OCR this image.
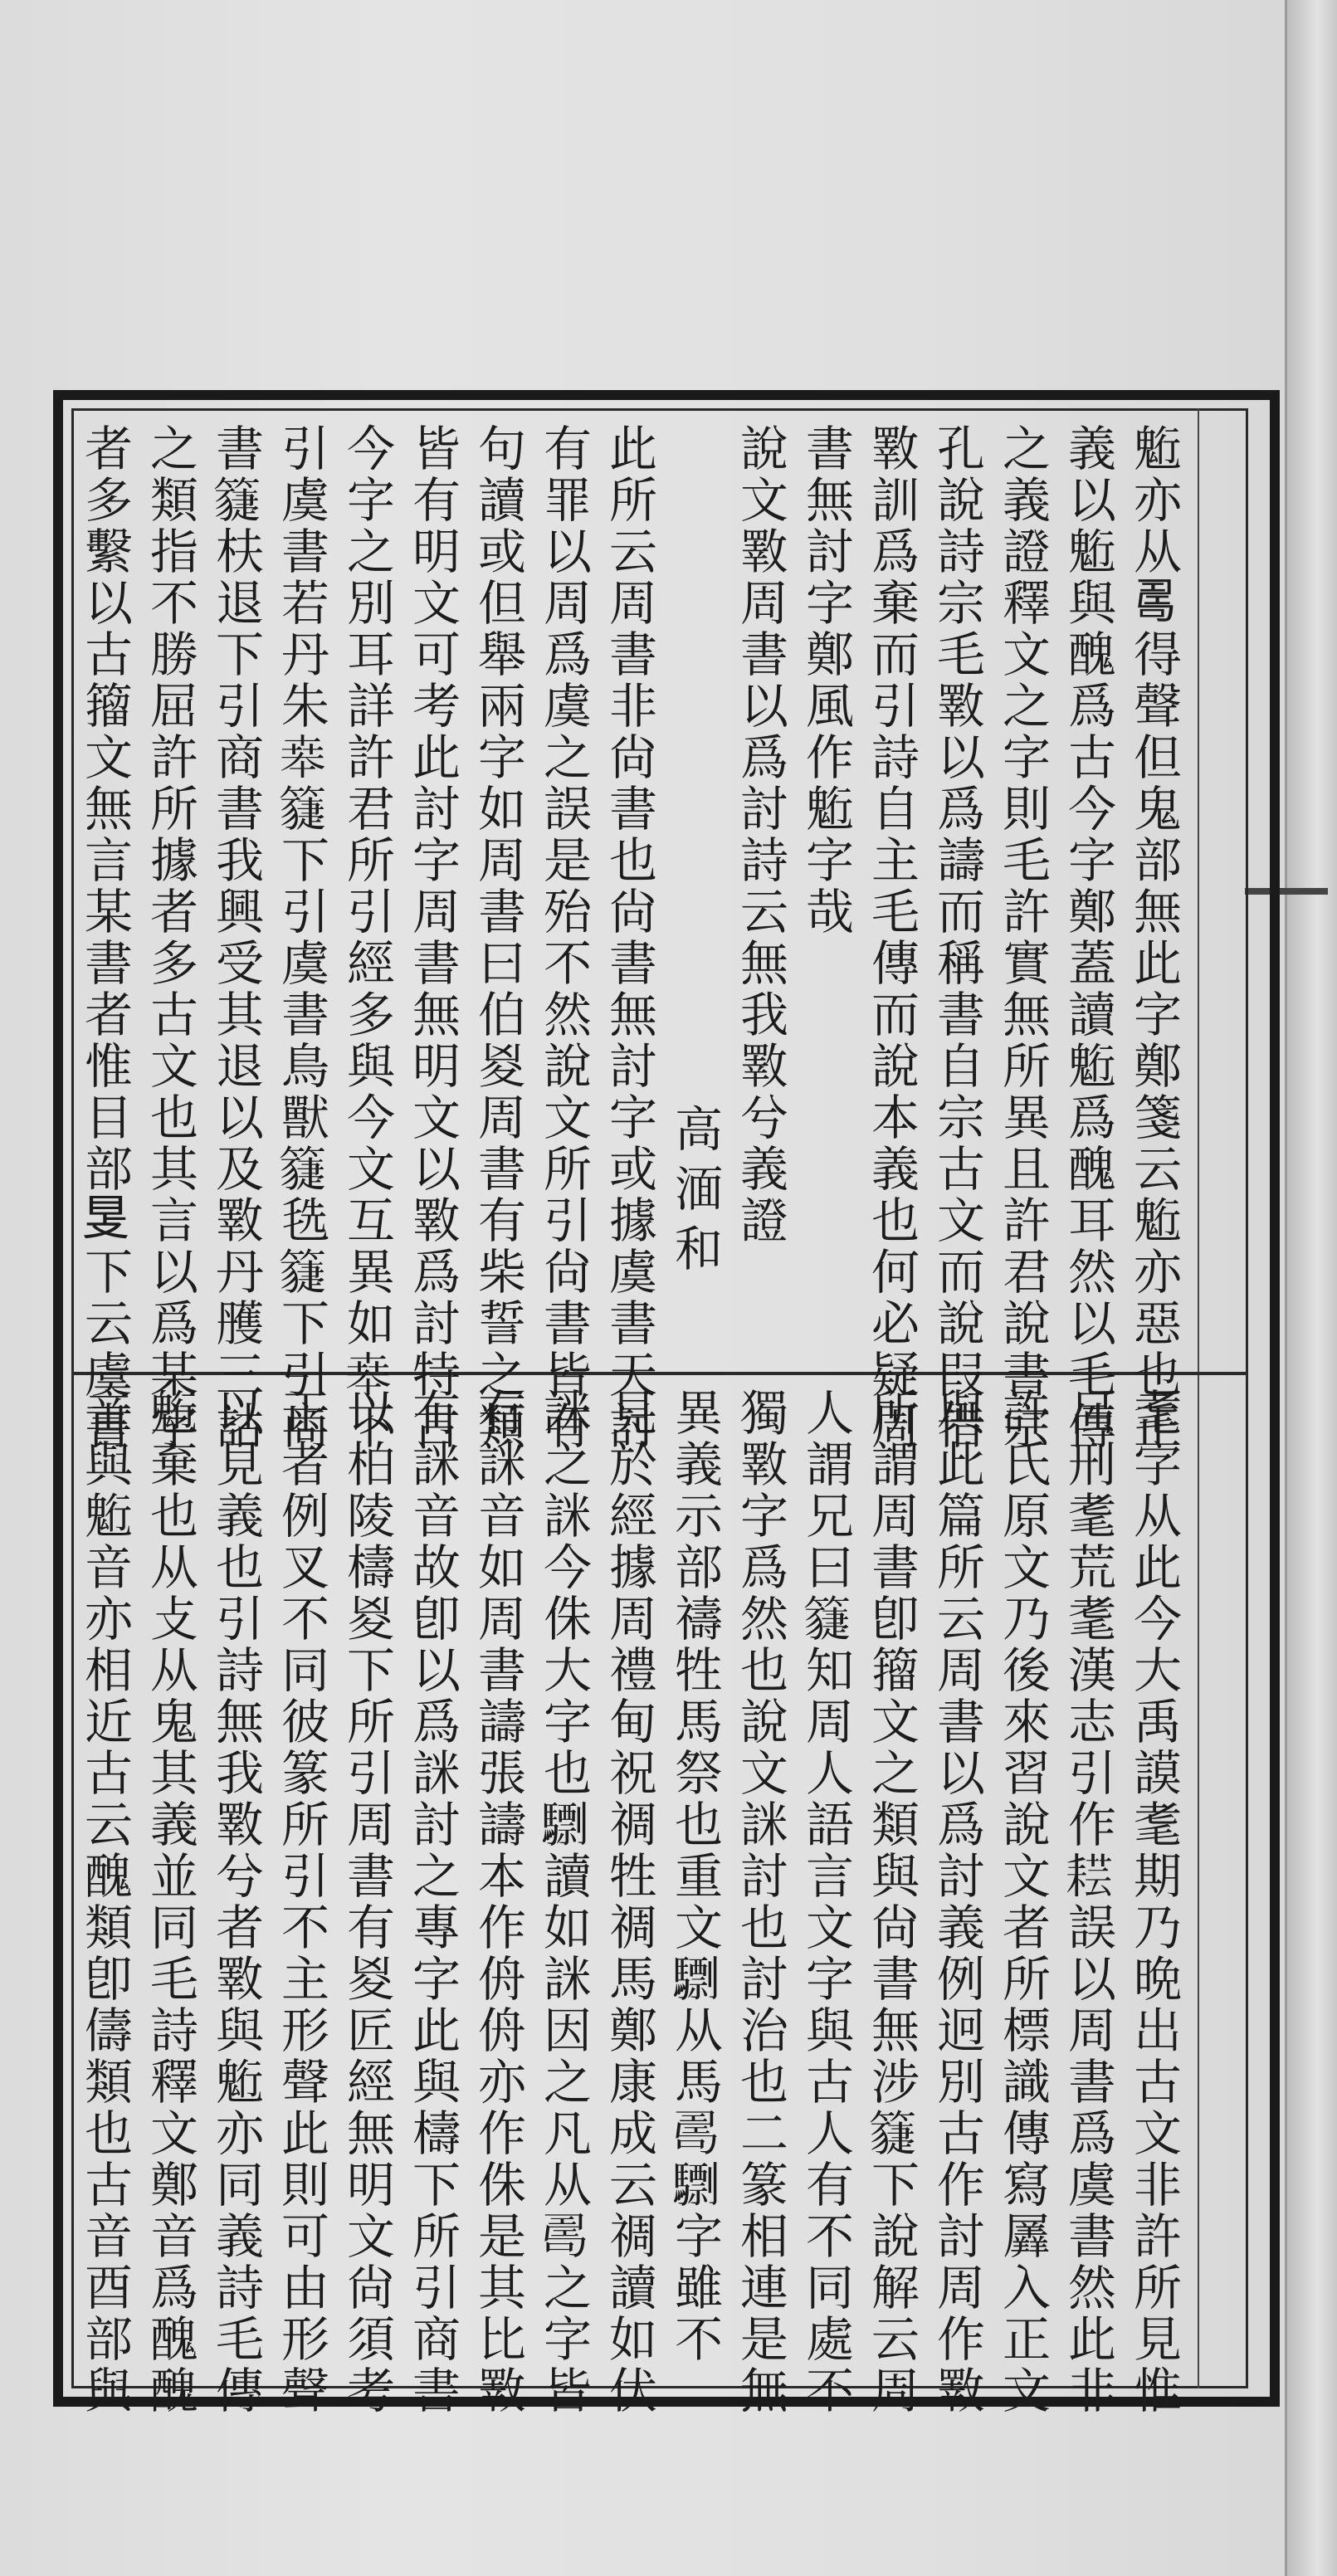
䰢亦从𠷎得聲但鬼部無此字鄭箋云䰢亦惡也正
義以䰢與醜爲古今字鄭蓋讀䰢爲醜耳然以毛傳
之義證釋文之字則毛許實無所異且許君說書宗
孔說詩宗毛斁以爲譸而稱書自宗古文而說叚借
斁訓爲棄而引詩自主毛傳而說本義也何必疑周
書無討字鄭風作䰢字哉
說文斁周書以爲討詩云無我斁兮義證
高湎和
此所云周書非尙書也尙書無討字或據虞書天討
有罪以周爲虞之誤是殆不然說文所引尙書皆有
句讀或但舉兩字如周書曰伯㚇周書有柴誓之類
皆有明文可考此討字周書無明文以斁爲討特古
今字之別耳詳許君所引經多與今文互異如𠦪下
引虞書若丹朱𠦪𥵯下引虞書鳥獸𥵯毨𥵯下引商
書𥵯枎退下引商書我興受其退以及斁丹雘三詁
之類指不勝屈許所據者多古文也其言以爲某字
者多繫以古籀文無言某書者惟目部𥄎下云虞書
耄字从此今大禹謨耄期乃晩出古文非許所見惟
呂刑耄荒耄漢志引作𦓷誤以周書爲虞書然此非
許氏原文乃後來習說文者所標識傳寫羼入正文
與此篇所云周書以爲討義例迥別古作討周作斁
所謂周書卽籀文之類與尙書無涉𥵯下說解云周
人謂兄曰𥵯知周人語言文字與古人有不同處不
獨斁字爲然也說文詸討也討治也二篆相連是無
異義示部禱牲馬祭也重文𩦠从馬𠷎𩦠字雖不
見於經據周禮甸祝禂牲禂馬鄭康成云禂讀如伏
詸之詸今侏大字也𩦠讀如詸因之凡从𠷎之字皆
有詸音如周書譸張譸本作侜侜亦作侏是其比斁
有詸音故卽以爲詸討之專字此與檮下所引商書
以柏陵檮㚇下所引周書有㚇匠經無明文尙須考
正者例叉不同彼篆所引不主形聲此則可由形聲
以見義也引詩無我斁兮者斁與䰢亦同義詩毛傳
䰢棄也从攴从鬼其義並同毛詩釋文鄭音爲醜醜
音與䰢音亦相近古云醜類卽儔類也古音酉部與
